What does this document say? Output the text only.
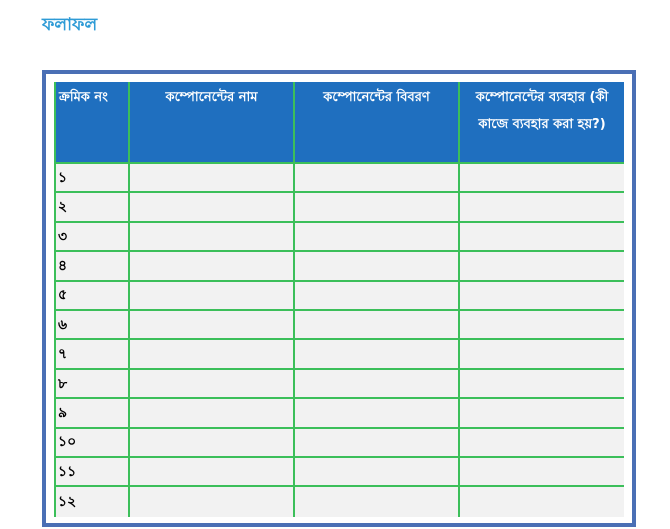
ফলাফল
ক্রমিক নং	কম্পোনেন্টের নাম	কম্পোনেন্টের বিবরণ	কম্পোনেন্টের ব্যবহার (কী কাজে ব্যবহার করা হয়?)
১			
২			
৩			
৪			
৫			
৬			
৭			
৮			
৯			
১০			
১১			
১২			
